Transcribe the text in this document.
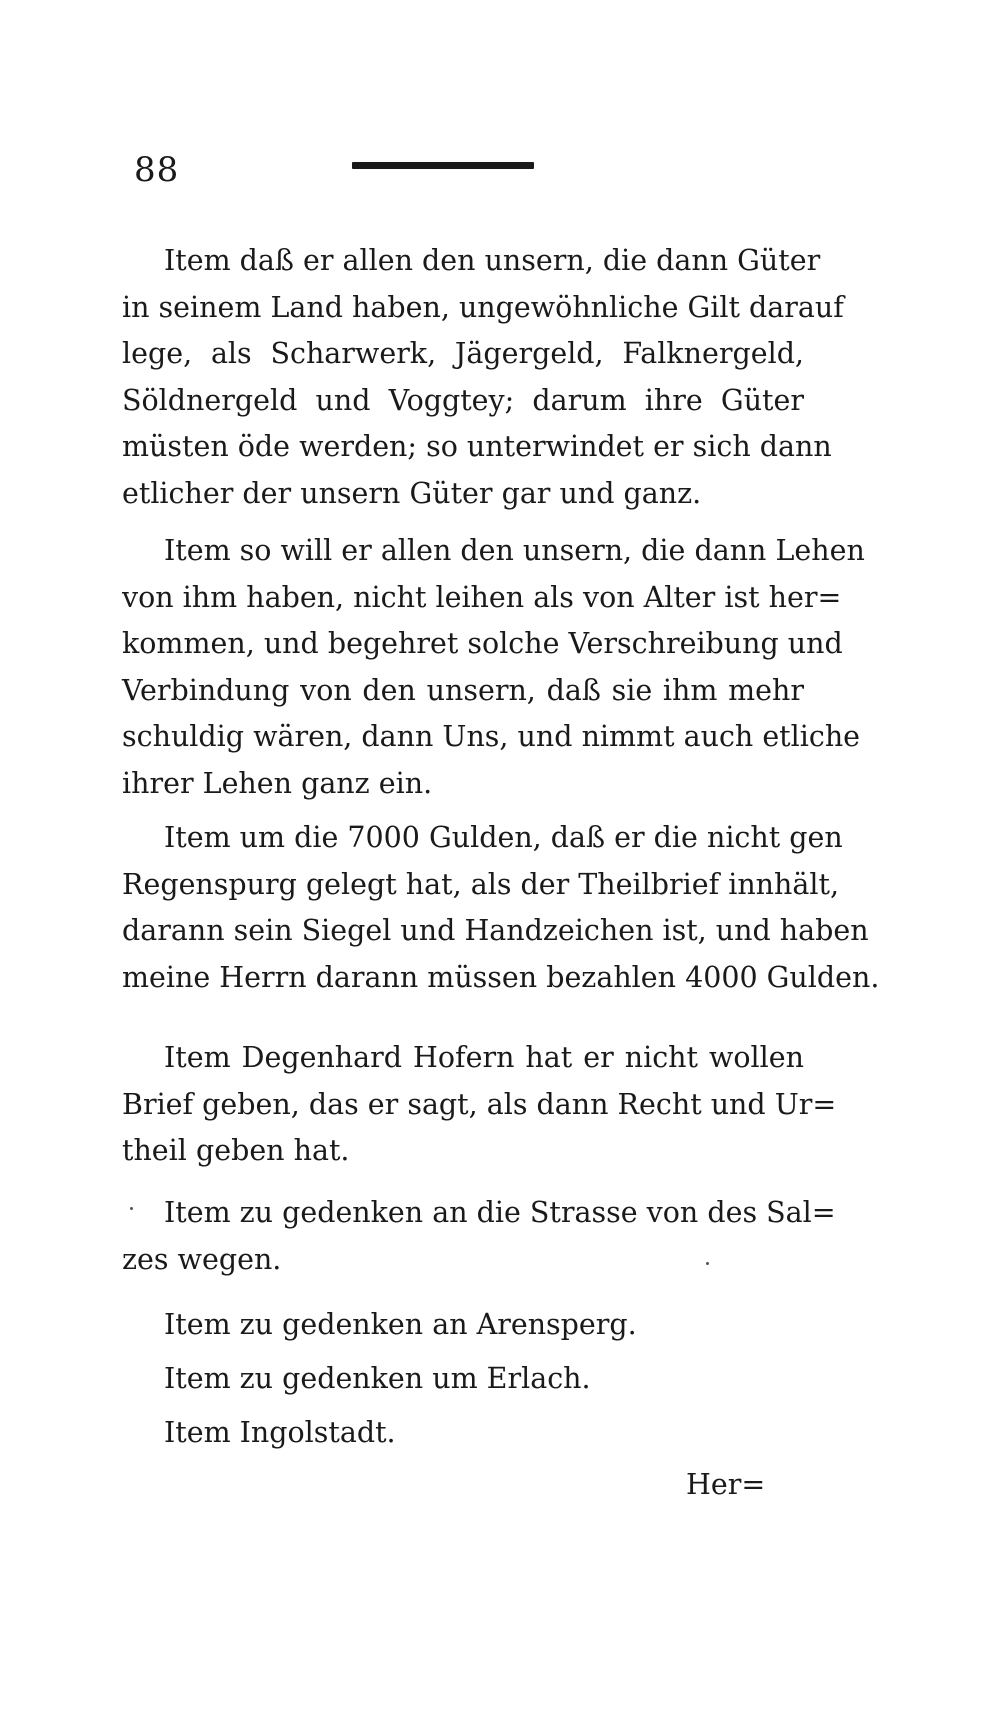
88
Item daß er allen den unsern, die dann Güter
in seinem Land haben, ungewöhnliche Gilt darauf
lege, als Scharwerk, Jägergeld, Falknergeld,
Söldnergeld und Voggtey; darum ihre Güter
müsten öde werden; so unterwindet er sich dann
etlicher der unsern Güter gar und ganz.
Item so will er allen den unsern, die dann Lehen
von ihm haben, nicht leihen als von Alter ist her=
kommen, und begehret solche Verschreibung und
Verbindung von den unsern, daß sie ihm mehr
schuldig wären, dann Uns, und nimmt auch etliche
ihrer Lehen ganz ein.
Item um die 7000 Gulden, daß er die nicht gen
Regenspurg gelegt hat, als der Theilbrief innhält,
darann sein Siegel und Handzeichen ist, und haben
meine Herrn darann müssen bezahlen 4000 Gulden.
Item Degenhard Hofern hat er nicht wollen
Brief geben, das er sagt, als dann Recht und Ur=
theil geben hat.
Item zu gedenken an die Strasse von des Sal=
zes wegen.
Item zu gedenken an Arensperg.
Item zu gedenken um Erlach.
Item Ingolstadt.
Her=
